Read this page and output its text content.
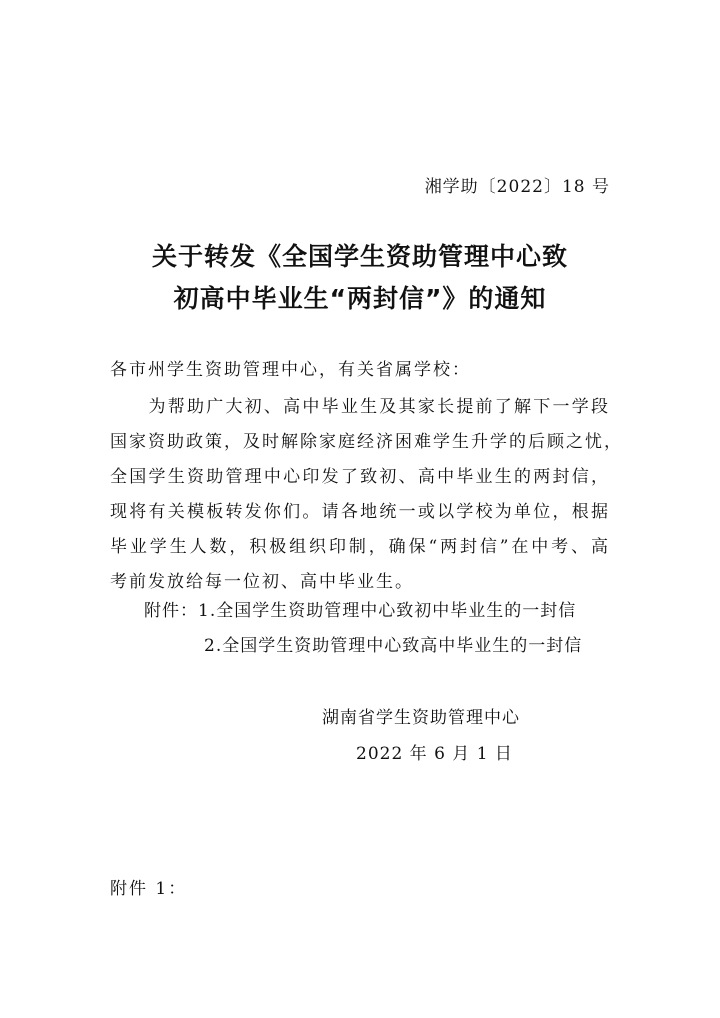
湘学助〔2022〕18 号
关于转发《全国学生资助管理中心致
初高中毕业生“两封信”》的通知
各市州学生资助管理中心，有关省属学校：
　　为帮助广大初、高中毕业生及其家长提前了解下一学段
国家资助政策，及时解除家庭经济困难学生升学的后顾之忧，
全国学生资助管理中心印发了致初、高中毕业生的两封信，
现将有关模板转发你们。请各地统一或以学校为单位，根据
毕业学生人数，积极组织印制，确保“两封信”在中考、高
考前发放给每一位初、高中毕业生。
附件：1.全国学生资助管理中心致初中毕业生的一封信
2.全国学生资助管理中心致高中毕业生的一封信
湖南省学生资助管理中心
2022 年 6 月 1 日
附件 1：
